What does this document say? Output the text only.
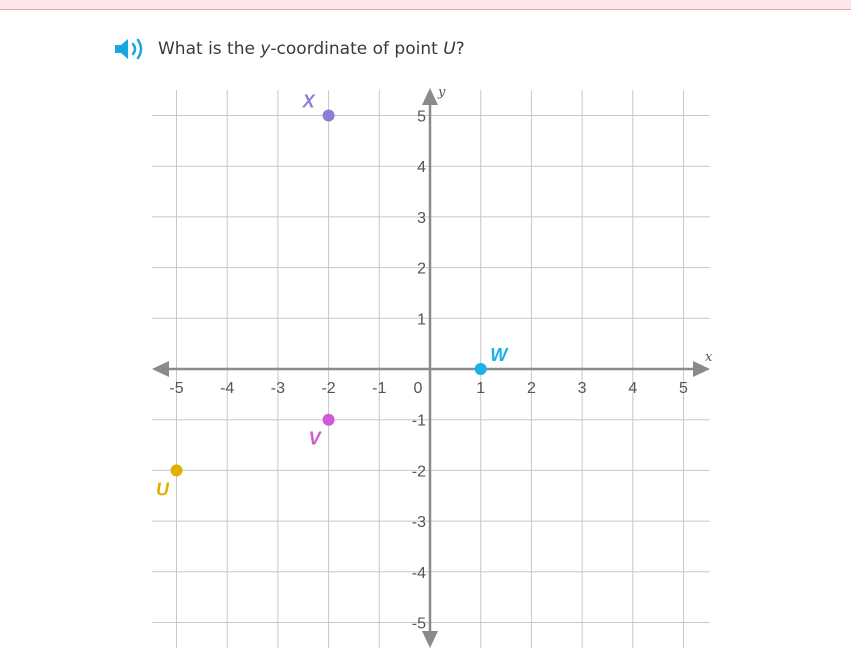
What is the y-coordinate of point U?
x
y
-5 -4 -3 -2 -1 0	1	2	3	4	5
5
4
3
2
1
-1
-2
-3
-4
-5
X
W
V
U
